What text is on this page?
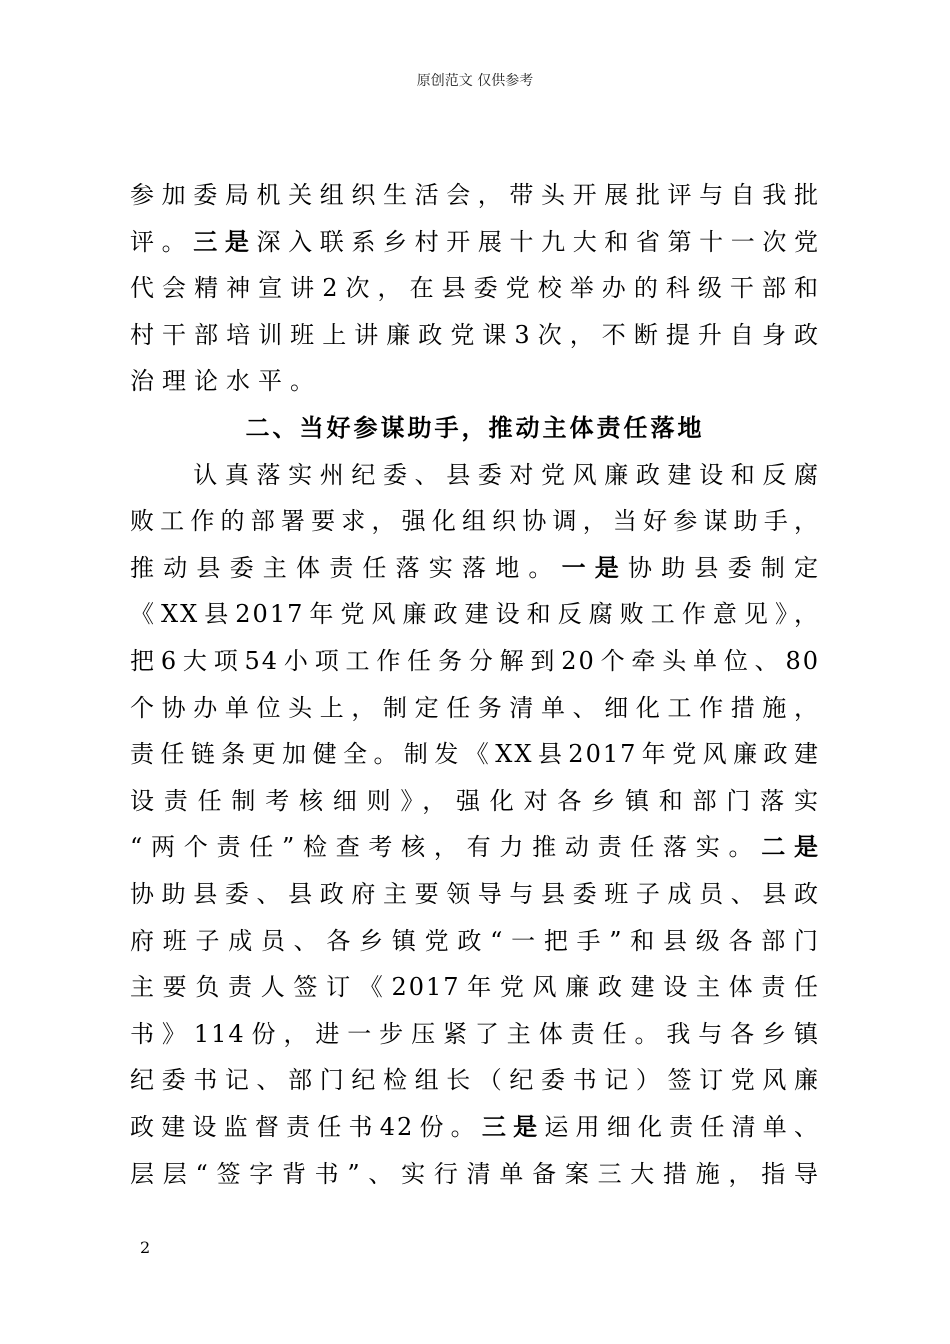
原创范文 仅供参考
参加委局机关组织生活会，带头开展批评与自我批
评。三是深入联系乡村开展十九大和省第十一次党
代会精神宣讲2次，在县委党校举办的科级干部和
村干部培训班上讲廉政党课3次，不断提升自身政
治理论水平。
二、当好参谋助手，推动主体责任落地
　　认真落实州纪委、县委对党风廉政建设和反腐
败工作的部署要求，强化组织协调，当好参谋助手，
推动县委主体责任落实落地。一是协助县委制定
《XX县2017年党风廉政建设和反腐败工作意见》，
把6大项54小项工作任务分解到20个牵头单位、80
个协办单位头上，制定任务清单、细化工作措施，
责任链条更加健全。制发《XX县2017年党风廉政建
设责任制考核细则》，强化对各乡镇和部门落实
“两个责任”检查考核，有力推动责任落实。二是
协助县委、县政府主要领导与县委班子成员、县政
府班子成员、各乡镇党政“一把手”和县级各部门
主要负责人签订《2017年党风廉政建设主体责任
书》114份，进一步压紧了主体责任。我与各乡镇
纪委书记、部门纪检组长（纪委书记）签订党风廉
政建设监督责任书42份。三是运用细化责任清单、
层层“签字背书”、实行清单备案三大措施，指导
2
